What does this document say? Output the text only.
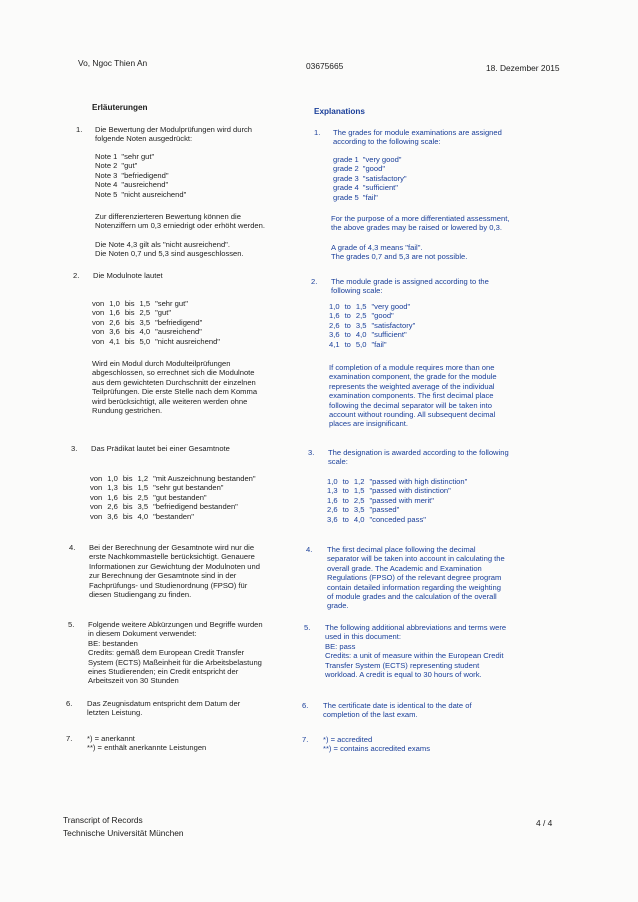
Vo, Ngoc Thien An	03675665	18. Dezember 2015
Erläuterungen	Explanations
1. Die Bewertung der Modulprüfungen wird durch
folgende Noten ausgedrückt:
Note 1	"sehr gut"
Note 2	"gut"
Note 3	"befriedigend"
Note 4	"ausreichend"
Note 5	"nicht ausreichend"
Zur differenzierteren Bewertung können die
Notenziffern um 0,3 erniedrigt oder erhöht werden.
Die Note 4,3 gilt als "nicht ausreichend".
Die Noten 0,7 und 5,3 sind ausgeschlossen.
2. Die Modulnote lautet
von	1,0	bis	1,5	"sehr gut"
von	1,6	bis	2,5	"gut"
von	2,6	bis	3,5	"befriedigend"
von	3,6	bis	4,0	"ausreichend"
von	4,1	bis	5,0	"nicht ausreichend"
Wird ein Modul durch Modulteilprüfungen
abgeschlossen, so errechnet sich die Modulnote
aus dem gewichteten Durchschnitt der einzelnen
Teilprüfungen. Die erste Stelle nach dem Komma
wird berücksichtigt, alle weiteren werden ohne
Rundung gestrichen.
3. Das Prädikat lautet bei einer Gesamtnote
von	1,0	bis	1,2	"mit Auszeichnung bestanden"
von	1,3	bis	1,5	"sehr gut bestanden"
von	1,6	bis	2,5	"gut bestanden"
von	2,6	bis	3,5	"befriedigend bestanden"
von	3,6	bis	4,0	"bestanden"
4. Bei der Berechnung der Gesamtnote wird nur die
erste Nachkommastelle berücksichtigt. Genauere
Informationen zur Gewichtung der Modulnoten und
zur Berechnung der Gesamtnote sind in der
Fachprüfungs- und Studienordnung (FPSO) für
diesen Studiengang zu finden.
5. Folgende weitere Abkürzungen und Begriffe wurden
in diesem Dokument verwendet:
BE: bestanden
Credits: gemäß dem European Credit Transfer
System (ECTS) Maßeinheit für die Arbeitsbelastung
eines Studierenden; ein Credit entspricht der
Arbeitszeit von 30 Stunden
6. Das Zeugnisdatum entspricht dem Datum der
letzten Leistung.
7. *) = anerkannt
**) = enthält anerkannte Leistungen
1. The grades for module examinations are assigned
according to the following scale:
grade 1	"very good"
grade 2	"good"
grade 3	"satisfactory"
grade 4	"sufficient"
grade 5	"fail"
For the purpose of a more differentiated assessment,
the above grades may be raised or lowered by 0,3.
A grade of 4,3 means "fail".
The grades 0,7 and 5,3 are not possible.
2. The module grade is assigned according to the
following scale:
1,0	to	1,5	"very good"
1,6	to	2,5	"good"
2,6	to	3,5	"satisfactory"
3,6	to	4,0	"sufficient"
4,1	to	5,0	"fail"
If completion of a module requires more than one
examination component, the grade for the module
represents the weighted average of the individual
examination components. The first decimal place
following the decimal separator will be taken into
account without rounding. All subsequent decimal
places are insignificant.
3. The designation is awarded according to the following
scale:
1,0	to	1,2	"passed with high distinction"
1,3	to	1,5	"passed with distinction"
1,6	to	2,5	"passed with merit"
2,6	to	3,5	"passed"
3,6	to	4,0	"conceded pass"
4. The first decimal place following the decimal
separator will be taken into account in calculating the
overall grade. The Academic and Examination
Regulations (FPSO) of the relevant degree program
contain detailed information regarding the weighting
of module grades and the calculation of the overall
grade.
5. The following additional abbreviations and terms were
used in this document:
BE: pass
Credits: a unit of measure within the European Credit
Transfer System (ECTS) representing student
workload. A credit is equal to 30 hours of work.
6. The certificate date is identical to the date of
completion of the last exam.
7. *) = accredited
**) = contains accredited exams
Transcript of Records
Technische Universität München
4 / 4
